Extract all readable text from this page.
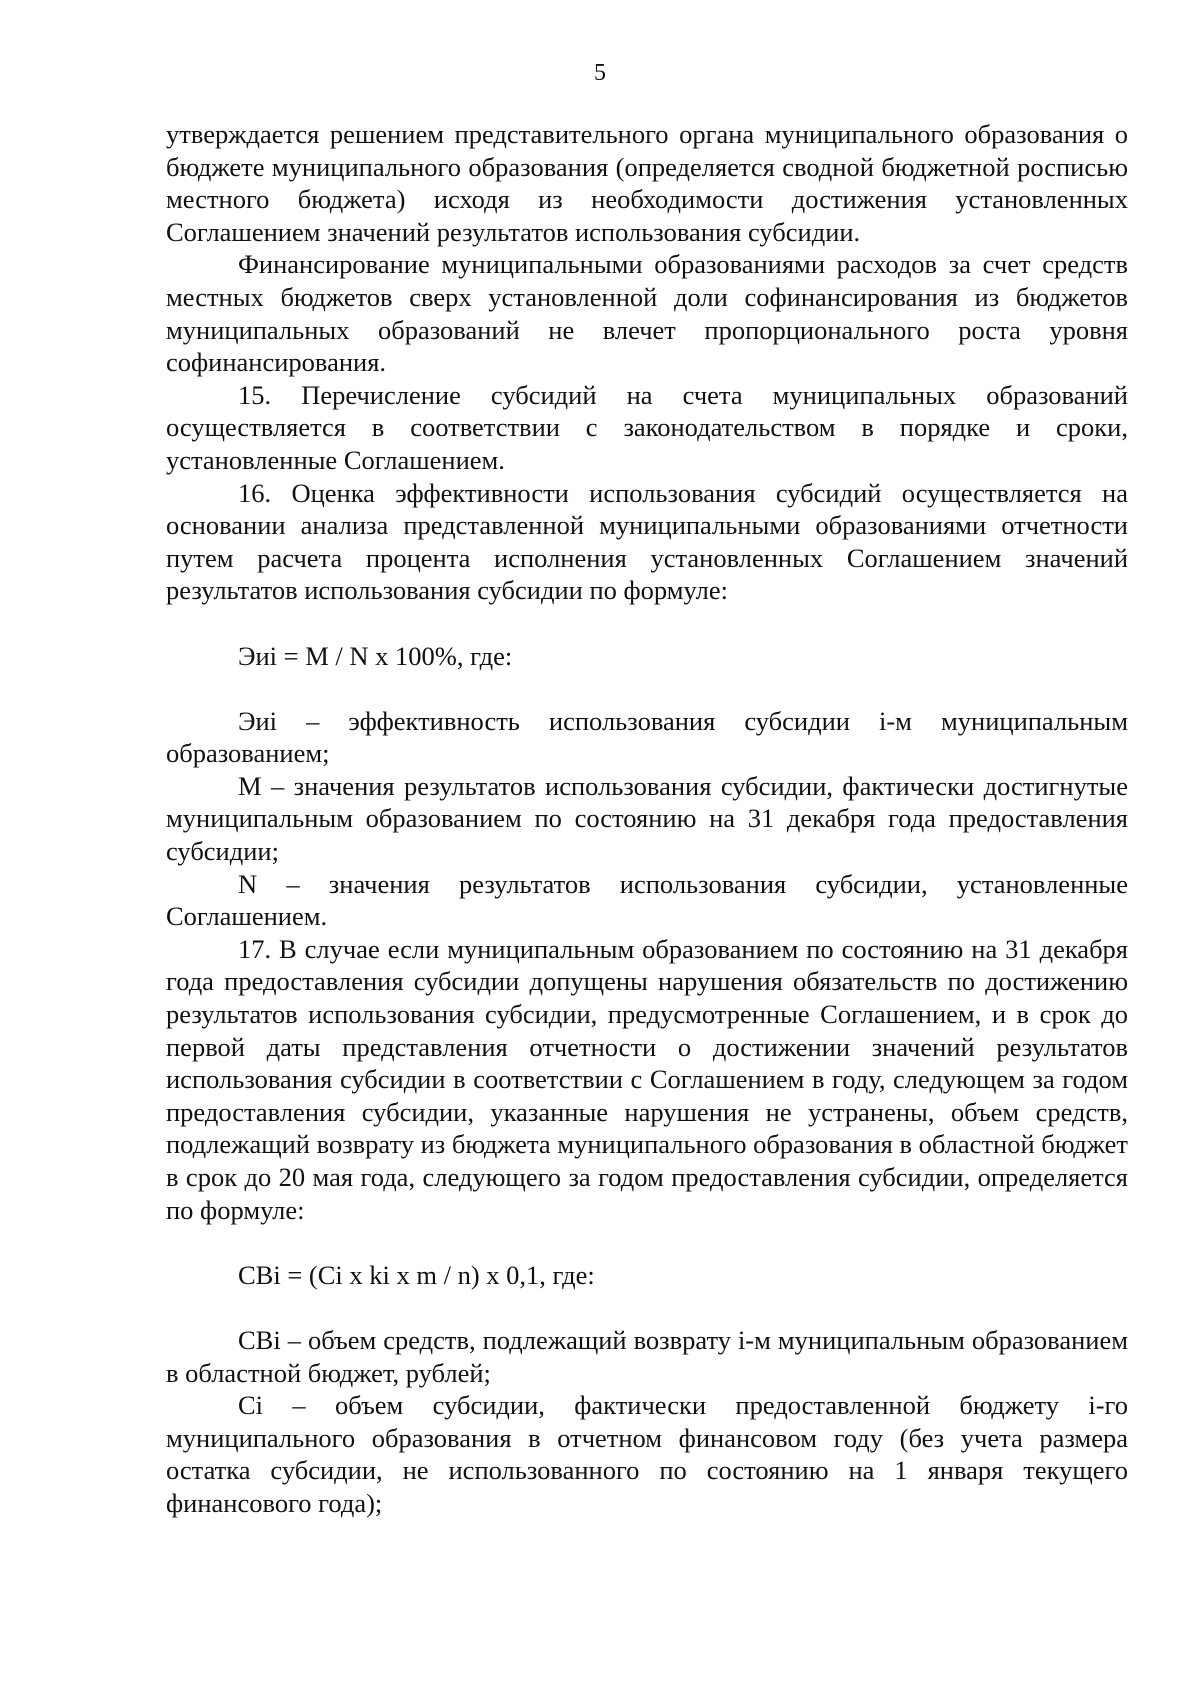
5

утверждается решением представительного органа муниципального образования о бюджете муниципального образования (определяется сводной бюджетной росписью местного бюджета) исходя из необходимости достижения установленных Соглашением значений результатов использования субсидии.

Финансирование муниципальными образованиями расходов за счет средств местных бюджетов сверх установленной доли софинансирования из бюджетов муниципальных образований не влечет пропорционального роста уровня софинансирования.

15. Перечисление субсидий на счета муниципальных образований осуществляется в соответствии с законодательством в порядке и сроки, установленные Соглашением.

16. Оценка эффективности использования субсидий осуществляется на основании анализа представленной муниципальными образованиями отчетности путем расчета процента исполнения установленных Соглашением значений результатов использования субсидии по формуле:

Эиi = M / N x 100%, где:

Эиi – эффективность использования субсидии i-м муниципальным образованием;

M – значения результатов использования субсидии, фактически достигнутые муниципальным образованием по состоянию на 31 декабря года предоставления субсидии;

N – значения результатов использования субсидии, установленные Соглашением.

17. В случае если муниципальным образованием по состоянию на 31 декабря года предоставления субсидии допущены нарушения обязательств по достижению результатов использования субсидии, предусмотренные Соглашением, и в срок до первой даты представления отчетности о достижении значений результатов использования субсидии в соответствии с Соглашением в году, следующем за годом предоставления субсидии, указанные нарушения не устранены, объем средств, подлежащий возврату из бюджета муниципального образования в областной бюджет в срок до 20 мая года, следующего за годом предоставления субсидии, определяется по формуле:

CBi = (Ci x ki x m / n) x 0,1, где:

CBi – объем средств, подлежащий возврату i-м муниципальным образованием в областной бюджет, рублей;

Ci – объем субсидии, фактически предоставленной бюджету i-го муниципального образования в отчетном финансовом году (без учета размера остатка субсидии, не использованного по состоянию на 1 января текущего финансового года);
